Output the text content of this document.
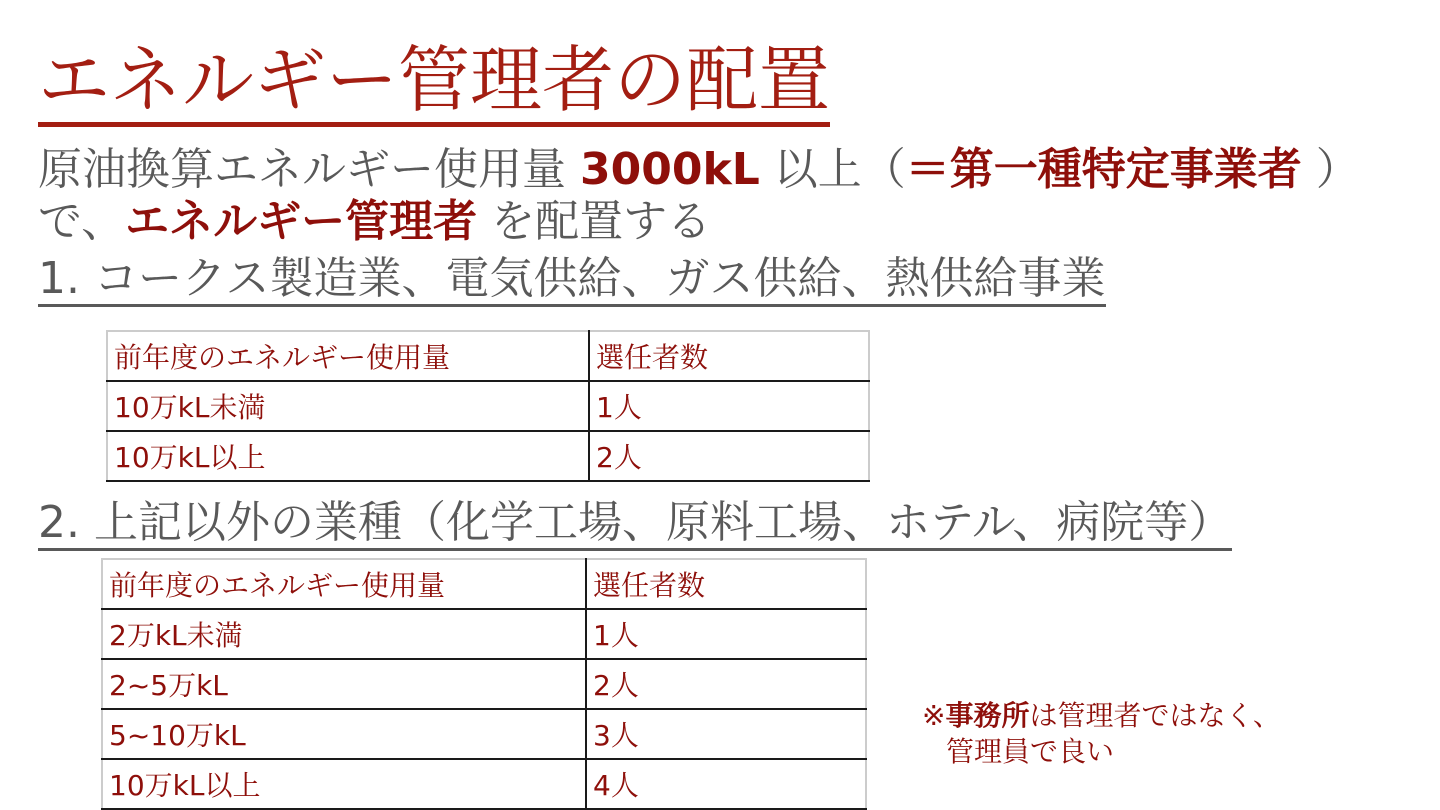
エネルギー管理者の配置
原油換算エネルギー使用量 3000kL 以上（＝第一種特定事業者 ）
で、エネルギー管理者 を配置する
1. コークス製造業、電気供給、ガス供給、熱供給事業
前年度のエネルギー使用量	選任者数
10万kL未満	1人
10万kL以上	2人
2. 上記以外の業種（化学工場、原料工場、ホテル、病院等）
前年度のエネルギー使用量	選任者数
2万kL未満	1人
2~5万kL	2人
5~10万kL	3人
10万kL以上	4人
※事務所は管理者ではなく、
管理員で良い
